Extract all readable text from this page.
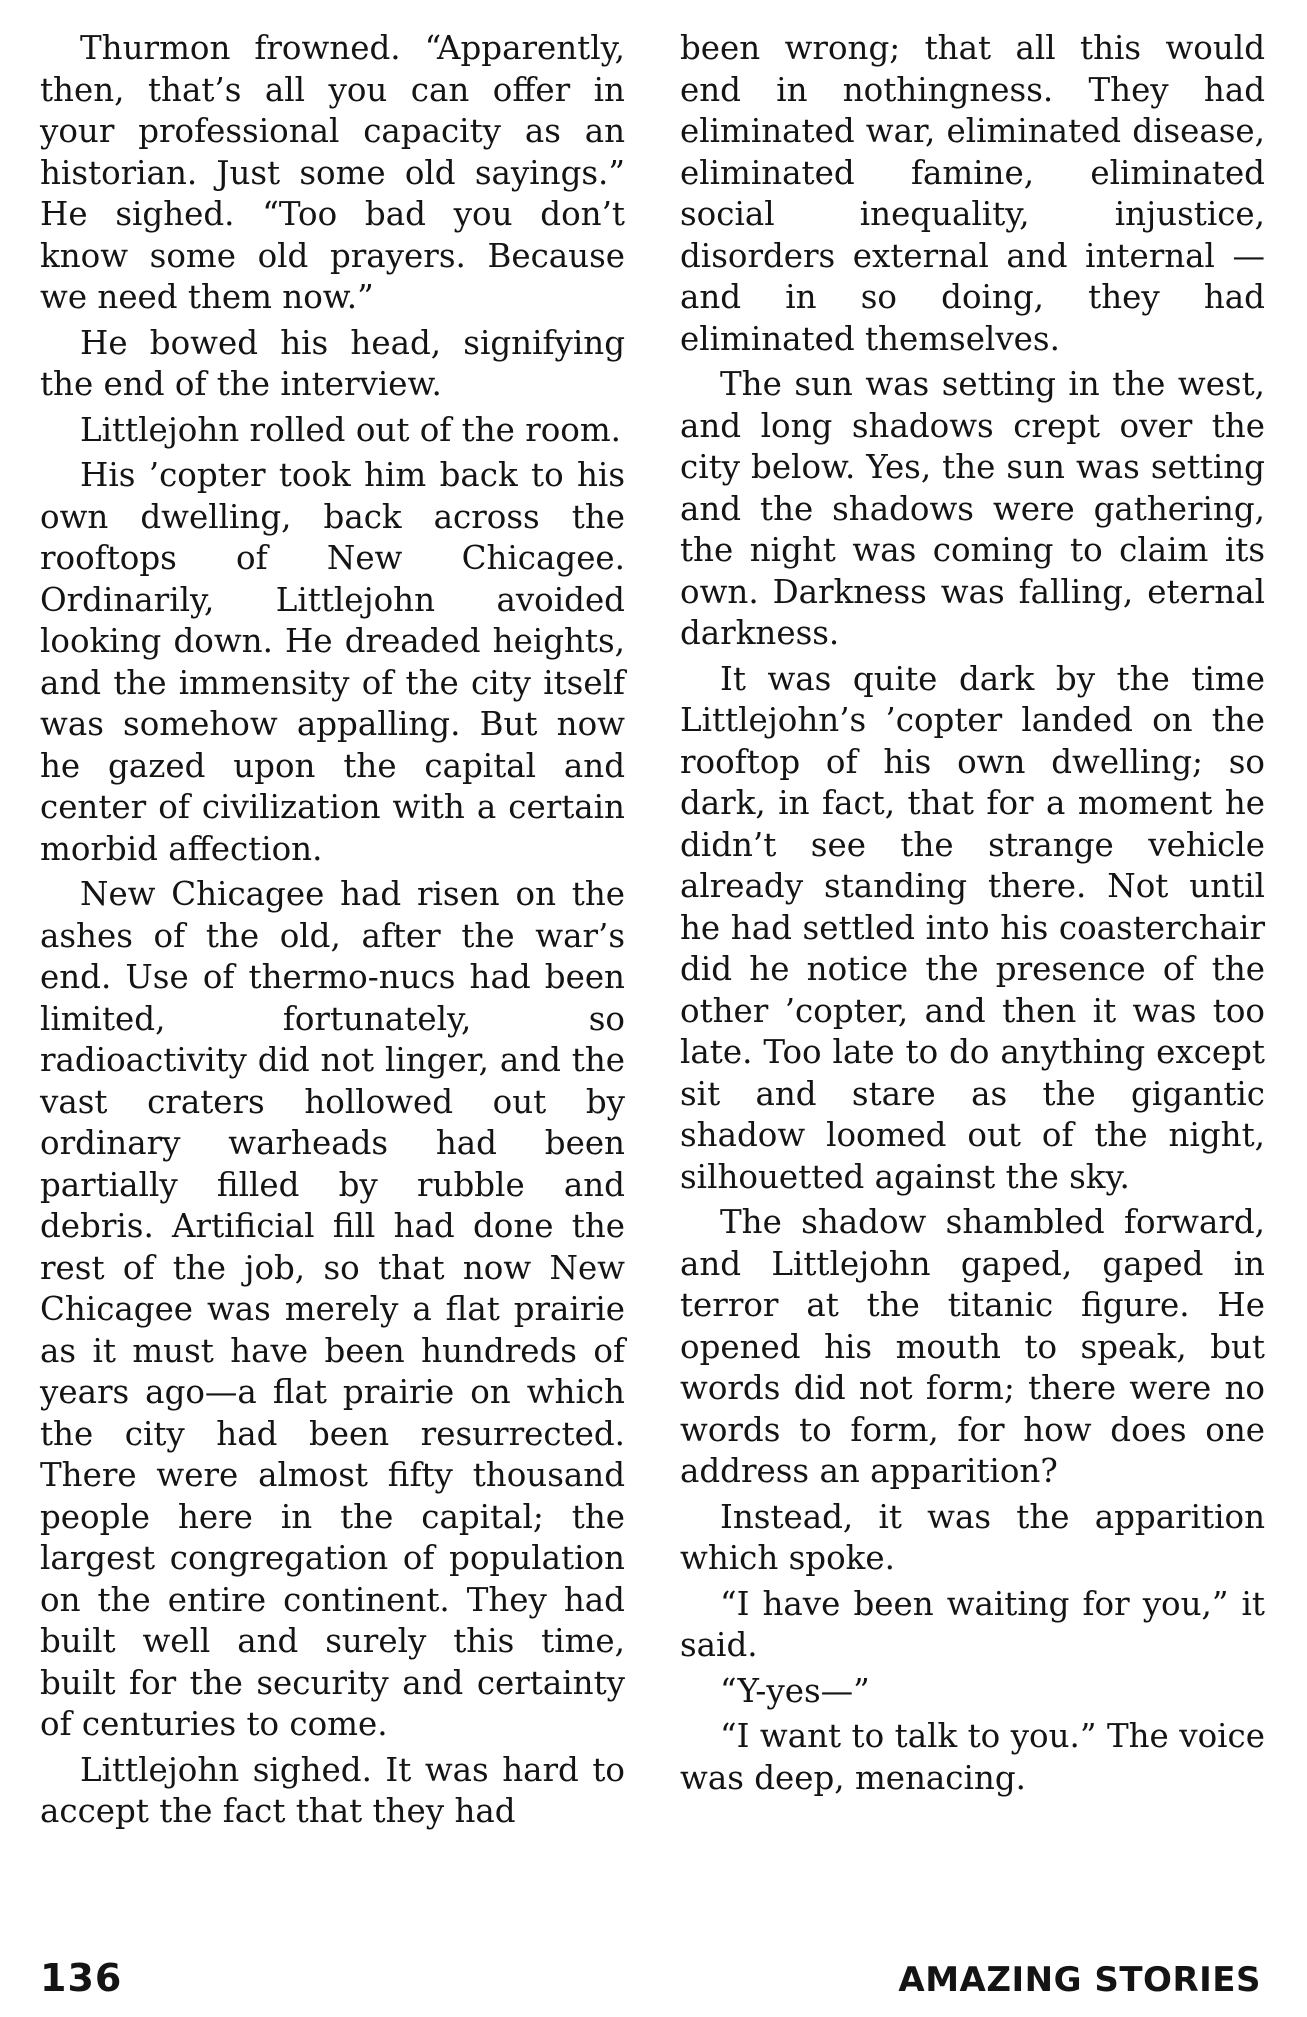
Thurmon frowned. “Apparently, then, that’s all you can offer in your professional capacity as an historian. Just some old sayings.” He sighed. “Too bad you don’t know some old prayers. Because we need them now.”

He bowed his head, signifying the end of the interview.

Littlejohn rolled out of the room.

His ’copter took him back to his own dwelling, back across the rooftops of New Chicagee. Ordinarily, Littlejohn avoided looking down. He dreaded heights, and the immensity of the city itself was somehow appalling. But now he gazed upon the capital and center of civilization with a certain morbid affection.

New Chicagee had risen on the ashes of the old, after the war’s end. Use of thermo-nucs had been limited, fortunately, so radioactivity did not linger, and the vast craters hollowed out by ordinary warheads had been partially filled by rubble and debris. Artificial fill had done the rest of the job, so that now New Chicagee was merely a flat prairie as it must have been hundreds of years ago—a flat prairie on which the city had been resurrected. There were almost fifty thousand people here in the capital; the largest congregation of population on the entire continent. They had built well and surely this time, built for the security and certainty of centuries to come.

Littlejohn sighed. It was hard to accept the fact that they had

been wrong; that all this would end in nothingness. They had eliminated war, eliminated disease, eliminated famine, eliminated social inequality, injustice, disorders external and internal —and in so doing, they had eliminated themselves.

The sun was setting in the west, and long shadows crept over the city below. Yes, the sun was setting and the shadows were gathering, the night was coming to claim its own. Darkness was falling, eternal darkness.

It was quite dark by the time Littlejohn’s ’copter landed on the rooftop of his own dwelling; so dark, in fact, that for a moment he didn’t see the strange vehicle already standing there. Not until he had settled into his coasterchair did he notice the presence of the other ’copter, and then it was too late. Too late to do anything except sit and stare as the gigantic shadow loomed out of the night, silhouetted against the sky.

The shadow shambled forward, and Littlejohn gaped, gaped in terror at the titanic figure. He opened his mouth to speak, but words did not form; there were no words to form, for how does one address an apparition?

Instead, it was the apparition which spoke.

“I have been waiting for you,” it said.

“Y-yes—”

“I want to talk to you.” The voice was deep, menacing.

136	AMAZING STORIES
